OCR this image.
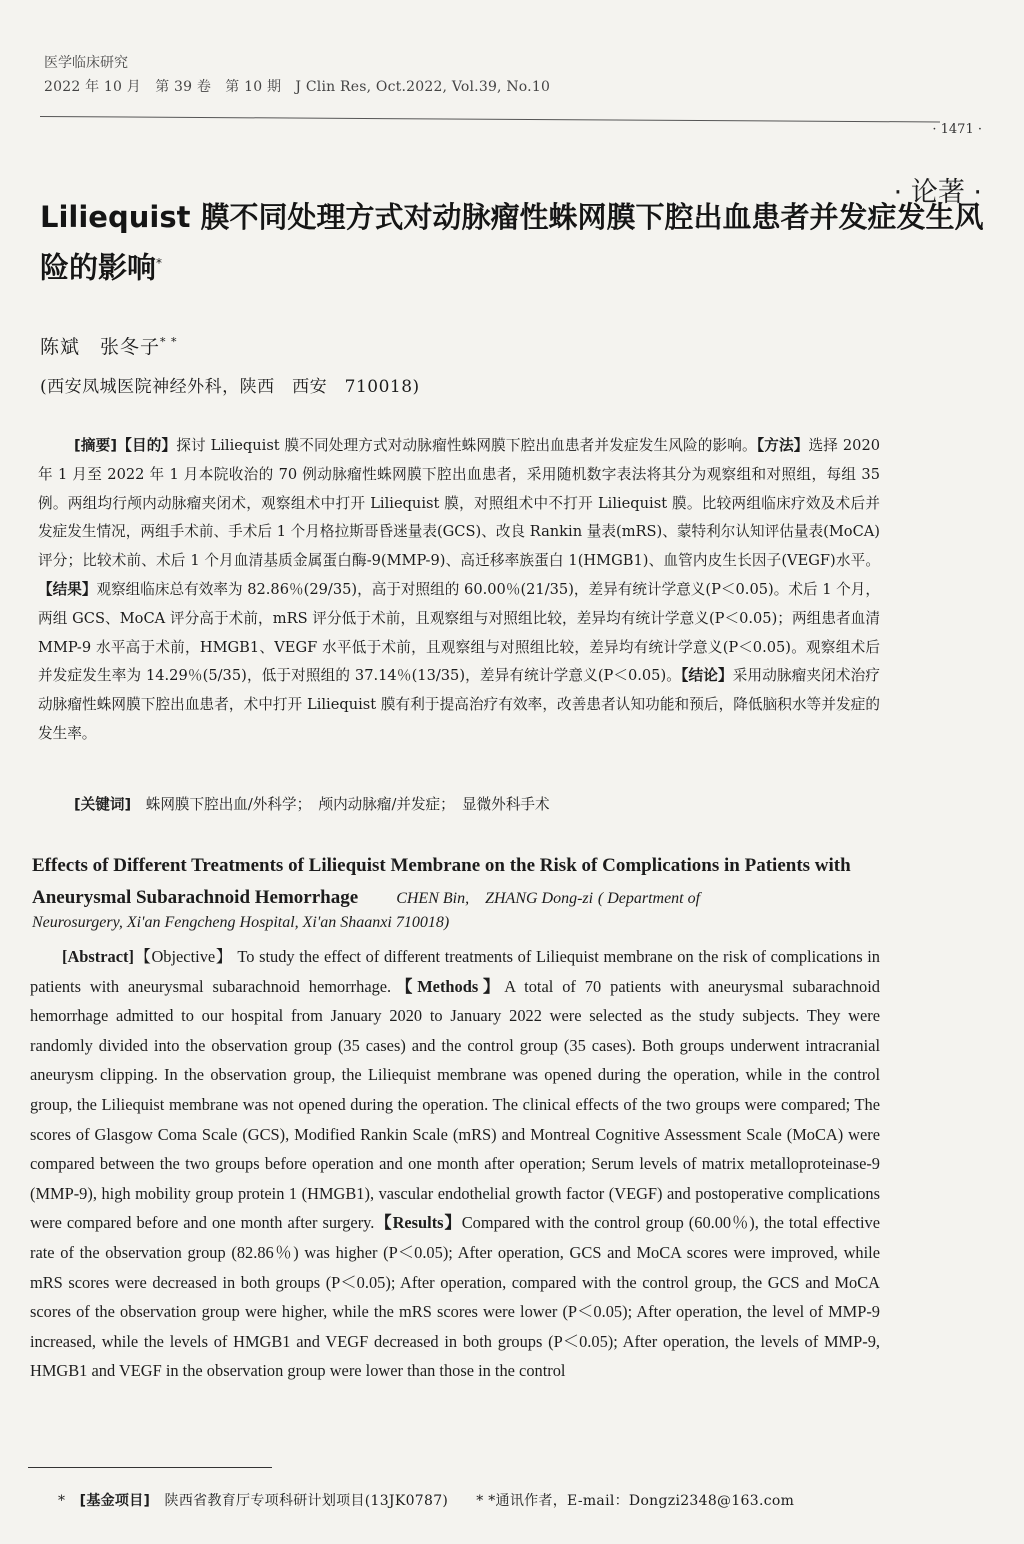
医学临床研究
2022 年 10 月　第 39 卷　第 10 期　J Clin Res, Oct.2022, Vol.39, No.10
· 1471 ·
· 论著 ·
Liliequist 膜不同处理方式对动脉瘤性蛛网膜下腔出血患者并发症发生风险的影响*
陈斌　张冬子* *
(西安凤城医院神经外科，陕西　西安　710018)
[摘要]【目的】探讨 Liliequist 膜不同处理方式对动脉瘤性蛛网膜下腔出血患者并发症发生风险的影响。【方法】选择 2020 年 1 月至 2022 年 1 月本院收治的 70 例动脉瘤性蛛网膜下腔出血患者，采用随机数字表法将其分为观察组和对照组，每组 35 例。两组均行颅内动脉瘤夹闭术，观察组术中打开 Liliequist 膜，对照组术中不打开 Liliequist 膜。比较两组临床疗效及术后并发症发生情况，两组手术前、手术后 1 个月格拉斯哥昏迷量表(GCS)、改良 Rankin 量表(mRS)、蒙特利尔认知评估量表(MoCA)评分；比较术前、术后 1 个月血清基质金属蛋白酶-9(MMP-9)、高迁移率族蛋白 1(HMGB1)、血管内皮生长因子(VEGF)水平。【结果】观察组临床总有效率为 82.86％(29/35)，高于对照组的 60.00％(21/35)，差异有统计学意义(P＜0.05)。术后 1 个月，两组 GCS、MoCA 评分高于术前，mRS 评分低于术前，且观察组与对照组比较，差异均有统计学意义(P＜0.05)；两组患者血清 MMP-9 水平高于术前，HMGB1、VEGF 水平低于术前，且观察组与对照组比较，差异均有统计学意义(P＜0.05)。观察组术后并发症发生率为 14.29％(5/35)，低于对照组的 37.14％(13/35)，差异有统计学意义(P＜0.05)。【结论】采用动脉瘤夹闭术治疗动脉瘤性蛛网膜下腔出血患者，术中打开 Liliequist 膜有利于提高治疗有效率，改善患者认知功能和预后，降低脑积水等并发症的发生率。
[关键词]　 蛛网膜下腔出血/外科学；　颅内动脉瘤/并发症；　显微外科手术
Effects of Different Treatments of Liliequist Membrane on the Risk of Complications in Patients with Aneurysmal Subarachnoid Hemorrhage　　 CHEN Bin,　ZHANG Dong-zi ( Department of
Neurosurgery, Xi'an Fengcheng Hospital, Xi'an Shaanxi 710018)
[Abstract]【Objective】 To study the effect of different treatments of Liliequist membrane on the risk of complications in patients with aneurysmal subarachnoid hemorrhage.【Methods】A total of 70 patients with aneurysmal subarachnoid hemorrhage admitted to our hospital from January 2020 to January 2022 were selected as the study subjects. They were randomly divided into the observation group (35 cases) and the control group (35 cases). Both groups underwent intracranial aneurysm clipping. In the observation group, the Liliequist membrane was opened during the operation, while in the control group, the Liliequist membrane was not opened during the operation. The clinical effects of the two groups were compared; The scores of Glasgow Coma Scale (GCS), Modified Rankin Scale (mRS) and Montreal Cognitive Assessment Scale (MoCA) were compared between the two groups before operation and one month after operation; Serum levels of matrix metalloproteinase-9 (MMP-9), high mobility group protein 1 (HMGB1), vascular endothelial growth factor (VEGF) and postoperative complications were compared before and one month after surgery.【Results】Compared with the control group (60.00％), the total effective rate of the observation group (82.86％) was higher (P＜0.05); After operation, GCS and MoCA scores were improved, while mRS scores were decreased in both groups (P＜0.05); After operation, compared with the control group, the GCS and MoCA scores of the observation group were higher, while the mRS scores were lower (P＜0.05); After operation, the level of MMP-9 increased, while the levels of HMGB1 and VEGF decreased in both groups (P＜0.05); After operation, the levels of MMP-9, HMGB1 and VEGF in the observation group were lower than those in the control
*　 [基金项目]　 陕西省教育厅专项科研计划项目(13JK0787) * *通讯作者，E-mail：Dongzi2348@163.com
